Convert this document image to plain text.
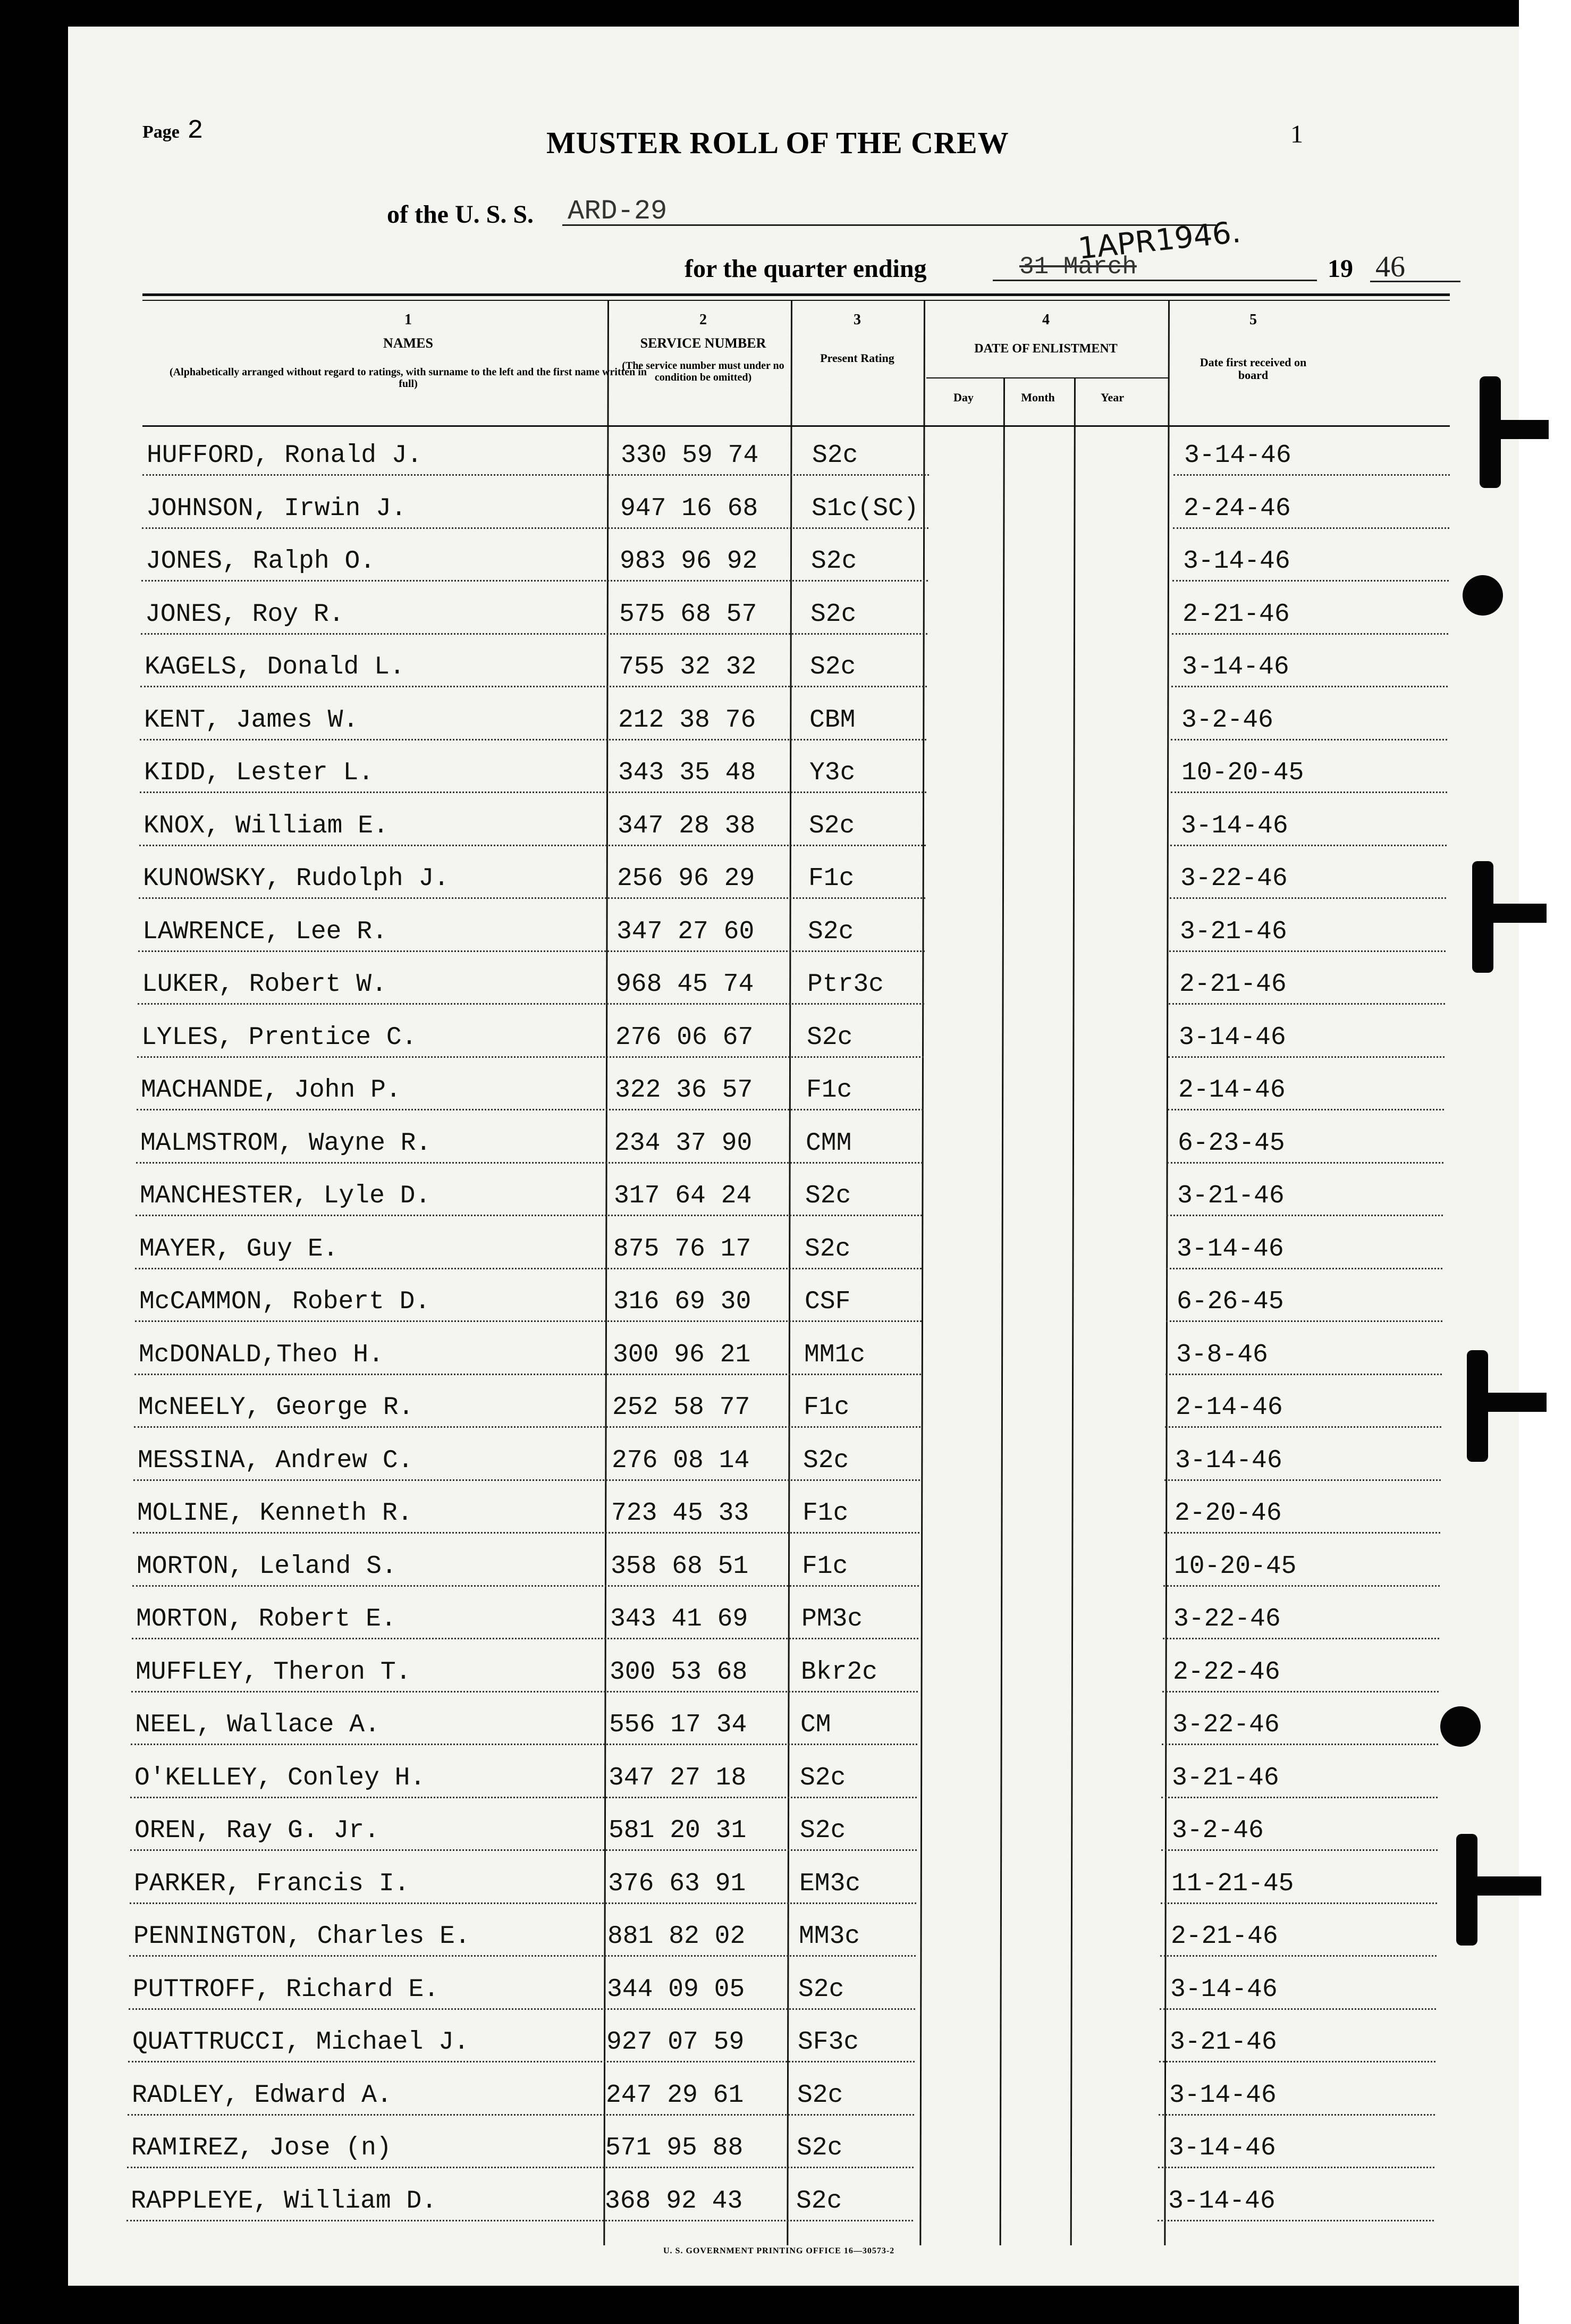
Page 2	MUSTER ROLL OF THE CREW	1
of the U. S. S. ARD-29
1APR1946.
for the quarter ending	31 March	19 46
1
NAMES
(Alphabetically arranged without regard to ratings, with surname to the left and the first name written in full)
2
SERVICE NUMBER
(The service number must under no condition be omitted)
3
Present Rating
4
DATE OF ENLISTMENT
Day	Month	Year
5
Date first received on board
HUFFORD, Ronald J.	330 59 74 S2c	3-14-46
JOHNSON, Irwin J.	947 16 68 S1c(SC)	2-24-46
JONES, Ralph O.	983 96 92 S2c	3-14-46
JONES, Roy R.	575 68 57 S2c	2-21-46
KAGELS, Donald L.	755 32 32 S2c	3-14-46
KENT, James W.	212 38 76 CBM	3-2-46
KIDD, Lester L.	343 35 48 Y3c	10-20-45
KNOX, William E.	347 28 38 S2c	3-14-46
KUNOWSKY, Rudolph J.	256 96 29 F1c	3-22-46
LAWRENCE, Lee R.	347 27 60 S2c	3-21-46
LUKER, Robert W.	968 45 74 Ptr3c	2-21-46
LYLES, Prentice C.	276 06 67 S2c	3-14-46
MACHANDE, John P.	322 36 57 F1c	2-14-46
MALMSTROM, Wayne R.	234 37 90 CMM	6-23-45
MANCHESTER, Lyle D.	317 64 24 S2c	3-21-46
MAYER, Guy E.	875 76 17 S2c	3-14-46
McCAMMON, Robert D.	316 69 30 CSF	6-26-45
McDONALD,Theo H.	300 96 21 MM1c	3-8-46
McNEELY, George R.	252 58 77 F1c	2-14-46
MESSINA, Andrew C.	276 08 14 S2c	3-14-46
MOLINE, Kenneth R.	723 45 33 F1c	2-20-46
MORTON, Leland S.	358 68 51 F1c	10-20-45
MORTON, Robert E.	343 41 69 PM3c	3-22-46
MUFFLEY, Theron T.	300 53 68 Bkr2c	2-22-46
NEEL, Wallace A.	556 17 34 CM	3-22-46
O'KELLEY, Conley H.	347 27 18 S2c	3-21-46
OREN, Ray G. Jr.	581 20 31 S2c	3-2-46
PARKER, Francis I.	376 63 91 EM3c	11-21-45
PENNINGTON, Charles E.	881 82 02 MM3c	2-21-46
PUTTROFF, Richard E.	344 09 05 S2c	3-14-46
QUATTRUCCI, Michael J.	927 07 59 SF3c	3-21-46
RADLEY, Edward A.	247 29 61 S2c	3-14-46
RAMIREZ, Jose (n)	571 95 88 S2c	3-14-46
RAPPLEYE, William D.	368 92 43 S2c	3-14-46
U. S. GOVERNMENT PRINTING OFFICE 16—30573-2
